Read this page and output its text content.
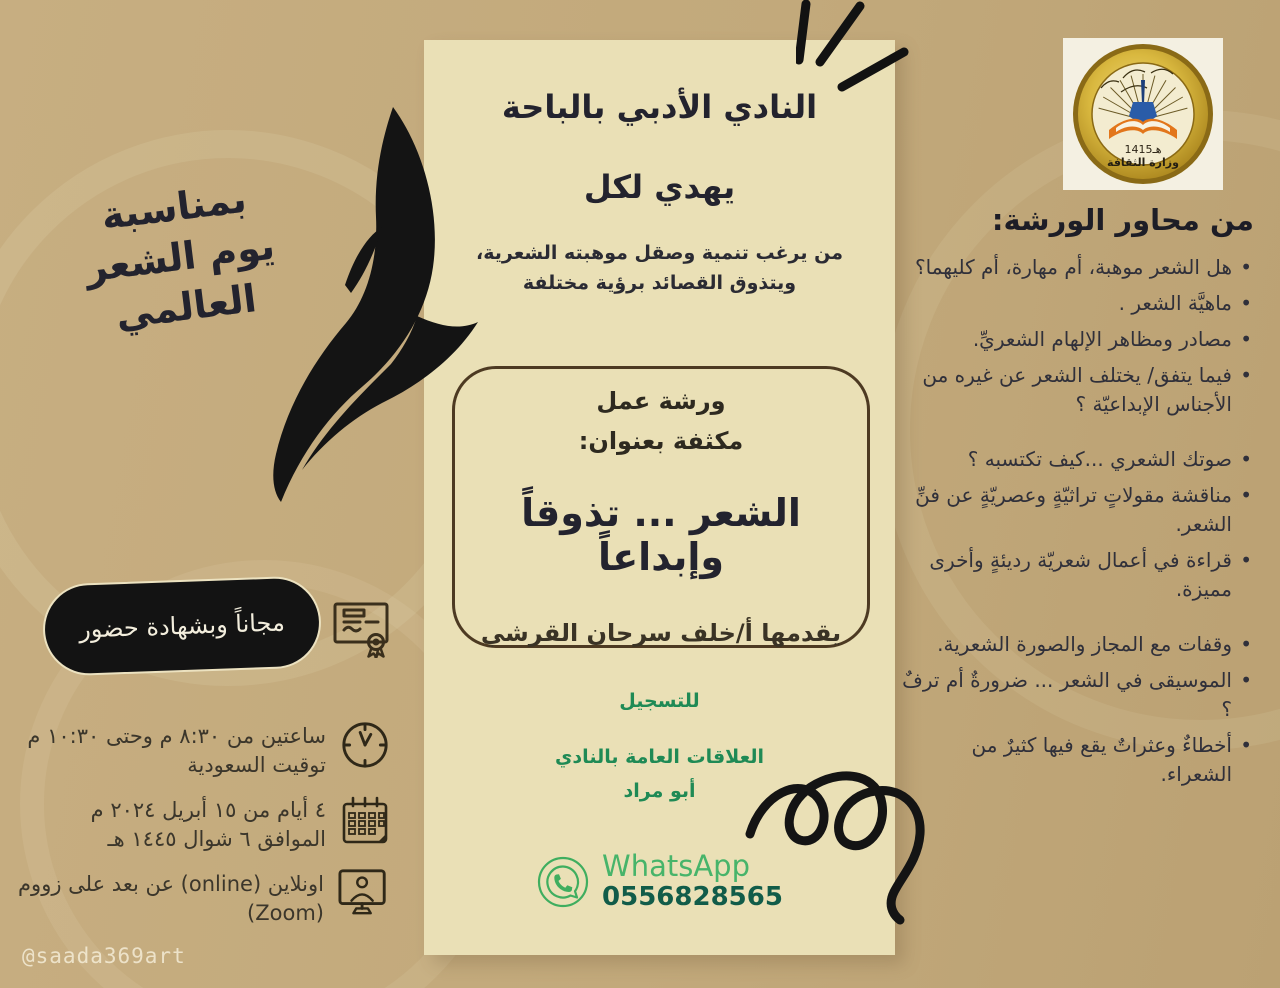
1415هـ
وزارة الثقافة
بمناسبة
يوم الشعر
العالمي
النادي الأدبي بالباحة
يهدي لكل
من يرغب تنمية وصقل موهبته الشعرية،
ويتذوق القصائد برؤية مختلفة
ورشة عمل
مكثفة بعنوان:
الشعر ... تذوقاً وإبداعاً
يقدمها أ/خلف سرحان القرشي
للتسجيل
العلاقات العامة بالنادي
أبو مراد
WhatsApp
0556828565
مجاناً وبشهادة حضور
ساعتين من ٨:٣٠ م وحتى ١٠:٣٠ م توقيت السعودية
٤ أيام من ١٥ أبريل ٢٠٢٤ م الموافق ٦ شوال ١٤٤٥ هـ
اونلاين (online) عن بعد على زووم (Zoom)
من محاور الورشة:
• هل الشعر موهبة، أم مهارة، أم كليهما؟
• ماهيَّة الشعر .
• مصادر ومظاهر الإلهام الشعريِّ.
• فيما يتفق/ يختلف الشعر عن غيره من الأجناس الإبداعيّة ؟
• صوتك الشعري ...كيف تكتسبه ؟
• مناقشة مقولاتٍ تراثيّةٍ وعصريّةٍ عن فنِّ الشعر.
• قراءة في أعمال شعريّة رديئةٍ وأخرى مميزة.
• وقفات مع المجاز والصورة الشعرية.
• الموسيقى في الشعر ... ضرورةٌ أم ترفٌ ؟
• أخطاءٌ وعثراتٌ يقع فيها كثيرٌ من الشعراء.
@saada369art
